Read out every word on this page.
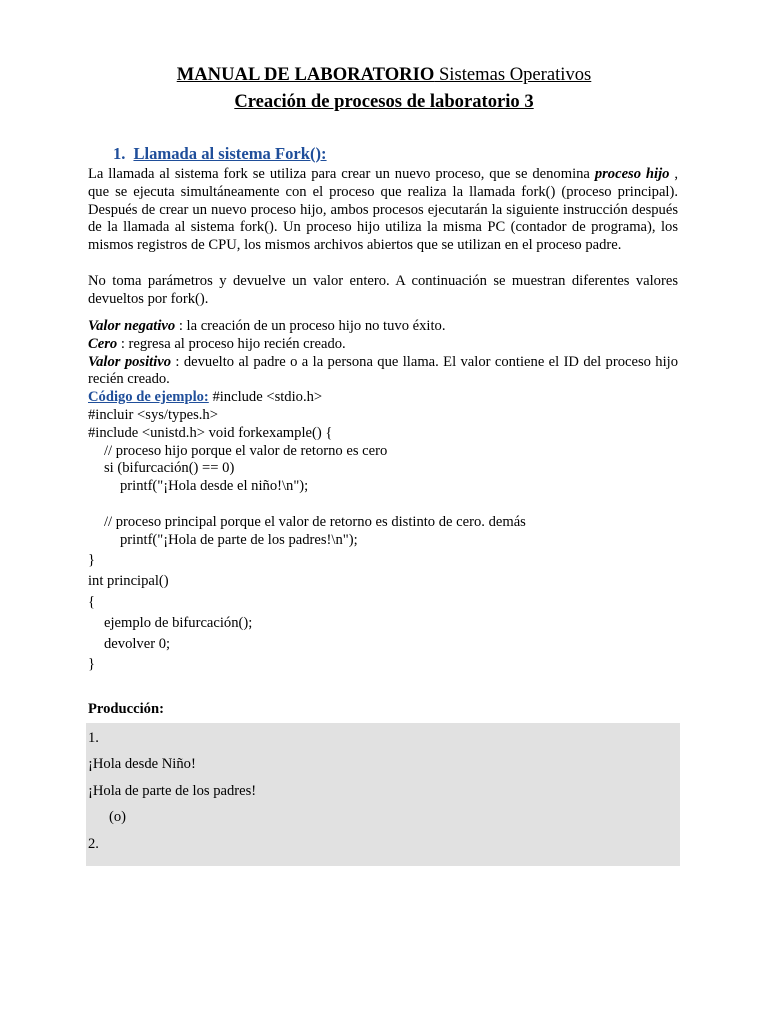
MANUAL DE LABORATORIO Sistemas Operativos
Creación de procesos de laboratorio 3
1. Llamada al sistema Fork():
La llamada al sistema fork se utiliza para crear un nuevo proceso, que se denomina proceso hijo , que se ejecuta simultáneamente con el proceso que realiza la llamada fork() (proceso principal). Después de crear un nuevo proceso hijo, ambos procesos ejecutarán la siguiente instrucción después de la llamada al sistema fork(). Un proceso hijo utiliza la misma PC (contador de programa), los mismos registros de CPU, los mismos archivos abiertos que se utilizan en el proceso padre.
No toma parámetros y devuelve un valor entero. A continuación se muestran diferentes valores devueltos por fork().
Valor negativo : la creación de un proceso hijo no tuvo éxito.
Cero : regresa al proceso hijo recién creado.
Valor positivo : devuelto al padre o a la persona que llama. El valor contiene el ID del proceso hijo recién creado.
Código de ejemplo: #include <stdio.h>
#incluir <sys/types.h>
#include <unistd.h> void forkexample() {
// proceso hijo porque el valor de retorno es cero
si (bifurcación() == 0)
printf("¡Hola desde el niño!\n");
// proceso principal porque el valor de retorno es distinto de cero. demás
printf("¡Hola de parte de los padres!\n");
}
int principal()
{
ejemplo de bifurcación();
devolver 0;
}
Producción:
1.
¡Hola desde Niño!
¡Hola de parte de los padres!
(o)
2.
